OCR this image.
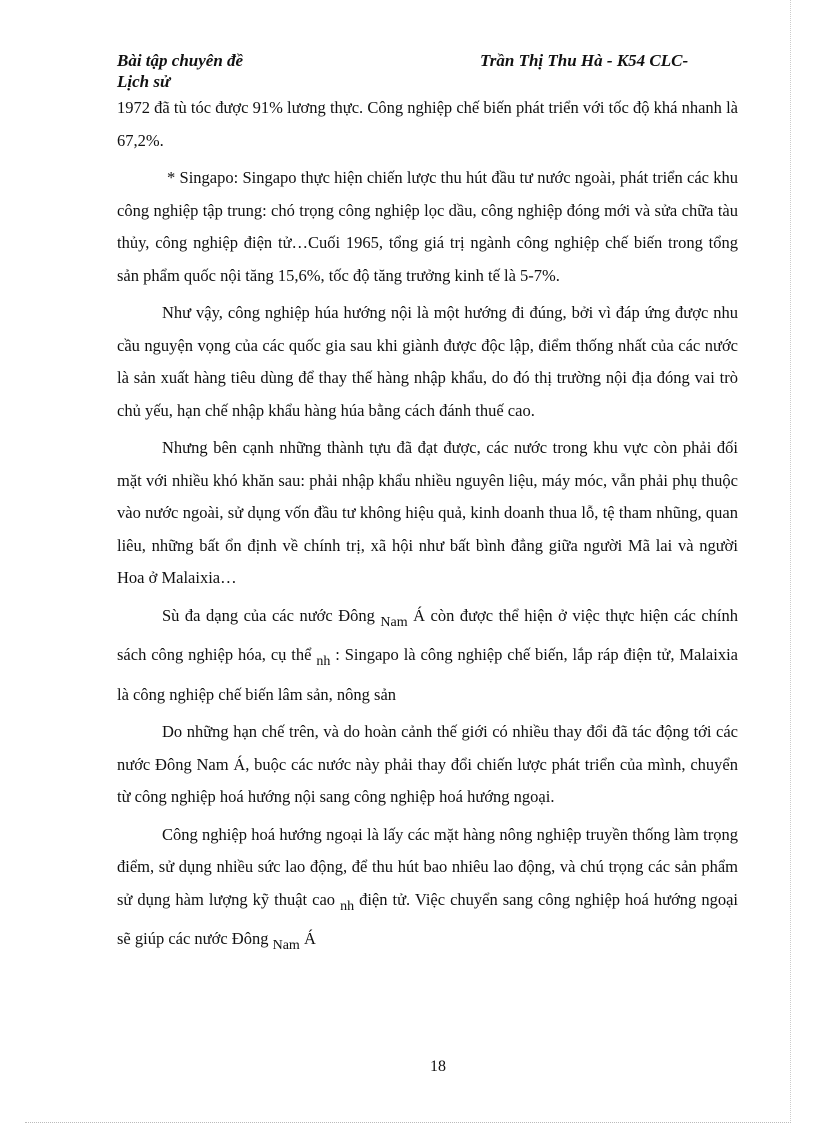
Bài tập chuyên đề
Lịch sử
Trần Thị Thu Hà - K54 CLC-

1972 đã tù tóc được 91% lương thực. Công nghiệp chế biến phát triển với tốc độ khá nhanh là 67,2%.

* Singapo: Singapo thực hiện chiến lược thu hút đầu tư nước ngoài, phát triển các khu công nghiệp tập trung: chó trọng công nghiệp lọc dầu, công nghiệp đóng mới và sửa chữa tàu thủy, công nghiệp điện tử…Cuối 1965, tổng giá trị ngành công nghiệp chế biến trong tổng sản phẩm quốc nội tăng 15,6%, tốc độ tăng trưởng kinh tế là 5-7%.

Như vậy, công nghiệp húa hướng nội là một hướng đi đúng, bởi vì đáp ứng được nhu cầu nguyện vọng của các quốc gia sau khi giành được độc lập, điểm thống nhất của các nước là sản xuất hàng tiêu dùng để thay thế hàng nhập khẩu, do đó thị trường nội địa đóng vai trò chủ yếu, hạn chế nhập khẩu hàng húa bằng cách đánh thuế cao.

Nhưng bên cạnh những thành tựu đã đạt được, các nước trong khu vực còn phải đối mặt với nhiều khó khăn sau: phải nhập khẩu nhiều nguyên liệu, máy móc, vẫn phải phụ thuộc vào nước ngoài, sử dụng vốn đầu tư không hiệu quả, kinh doanh thua lỗ, tệ tham nhũng, quan liêu, những bất ổn định về chính trị, xã hội như bất bình đẳng giữa người Mã lai và người Hoa ở Malaixia…

Sù đa dạng của các nước Đông $_{Nam}$ Á còn được thể hiện ở việc thực hiện các chính sách công nghiệp hóa, cụ thể $_{nh}$ : Singapo là công nghiệp chế biến, lắp ráp điện tử, Malaixia là công nghiệp chế biến lâm sản, nông sản

Do những hạn chế trên, và do hoàn cảnh thế giới có nhiều thay đổi đã tác động tới các nước Đông Nam Á, buộc các nước này phải thay đổi chiến lược phát triển của mình, chuyển từ công nghiệp hoá hướng nội sang công nghiệp hoá hướng ngoại.

Công nghiệp hoá hướng ngoại là lấy các mặt hàng nông nghiệp truyền thống làm trọng điểm, sử dụng nhiều sức lao động, để thu hút bao nhiêu lao động, và chú trọng các sản phẩm sử dụng hàm lượng kỹ thuật cao $_{nh}$ điện tử. Việc chuyển sang công nghiệp hoá hướng ngoại sẽ giúp các nước Đông $_{Nam}$ Á

18
